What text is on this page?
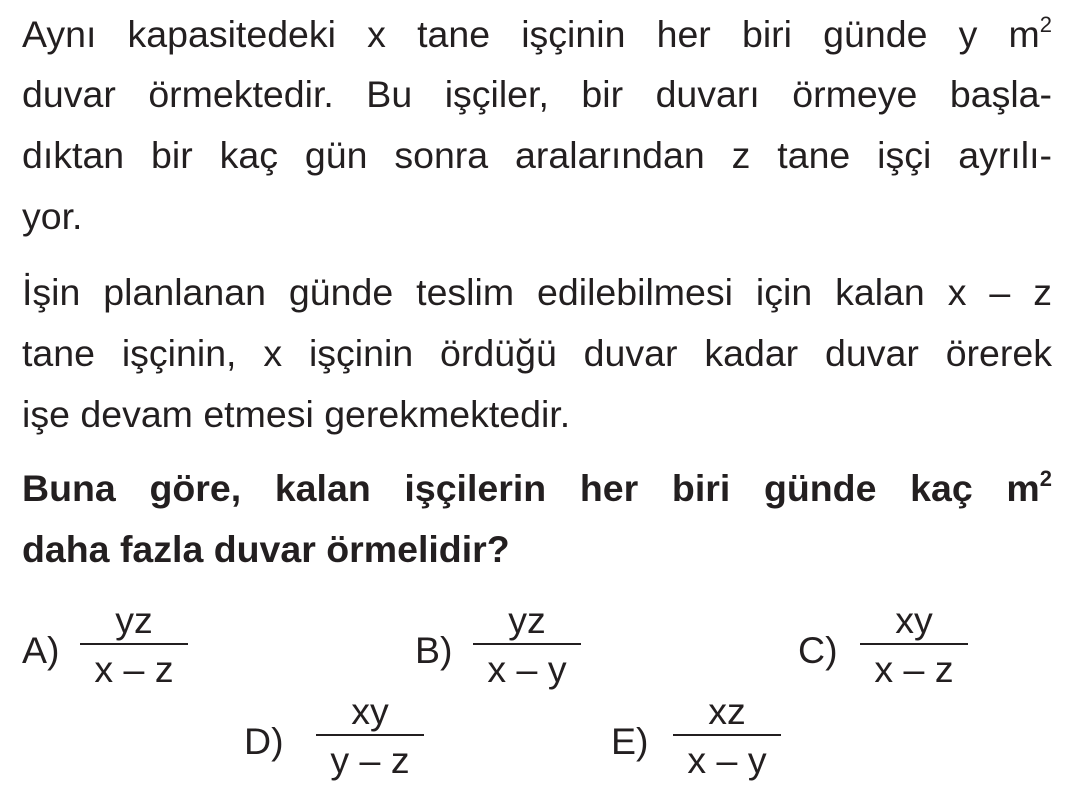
Aynı kapasitedeki x tane işçinin her biri günde y $m^2$
duvar örmektedir. Bu işçiler, bir duvarı örmeye başla-
dıktan bir kaç gün sonra aralarından z tane işçi ayrılı-
yor.
İşin planlanan günde teslim edilebilmesi için kalan x – z
tane işçinin, x işçinin ördüğü duvar kadar duvar örerek
işe devam etmesi gerekmektedir.
Buna göre, kalan işçilerin her biri günde kaç $m^2$
daha fazla duvar örmelidir?
A)
yz
x – z	B)
yz
x – y	C)
xy
x – z
D)
xy
y – z	E)
xz
x – y
